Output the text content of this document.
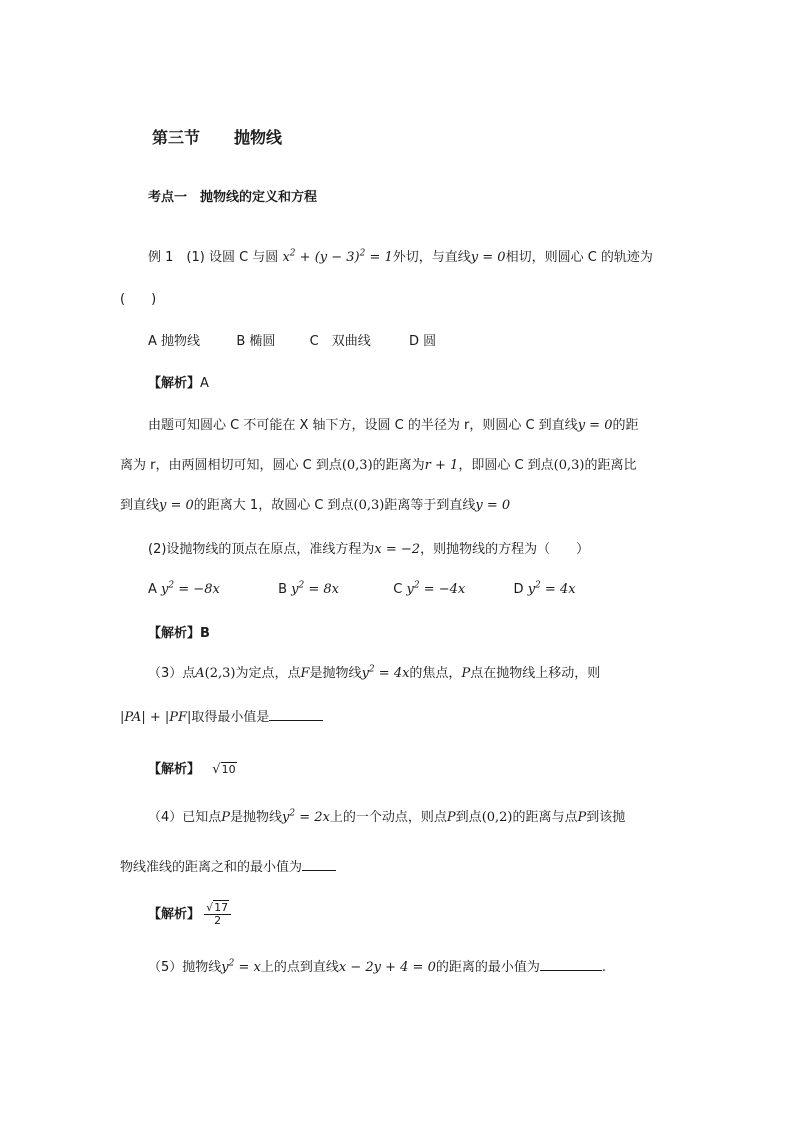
第三节 抛物线
考点一　抛物线的定义和方程
例 1　(1) 设圆 C 与圆 $x^2 + (y - 3)^2 = 1$外切，与直线y = 0相切，则圆心 C 的轨迹为
(　　)
A 抛物线	B 椭圆	C　双曲线	D 圆
【解析】A
由题可知圆心 C 不可能在 X 轴下方，设圆 C 的半径为 r，则圆心 C 到直线y = 0的距
离为 r，由两圆相切可知，圆心 C 到点(0,3)的距离为r + 1，即圆心 C 到点(0,3)的距离比
到直线y = 0的距离大 1，故圆心 C 到点(0,3)距离等于到直线y = 0
(2)设抛物线的顶点在原点，准线方程为x = −2，则抛物线的方程为（　　）
A $y^2 = -8x$	B $y^2 = 8x$	C $y^2 = -4x$	D $y^2 = 4x$
【解析】B
（3）点A(2,3)为定点，点F是抛物线$y^2 = 4x$的焦点，P点在抛物线上移动，则
|PA| + |PF|取得最小值是
【解析】 √10
（4）已知点P是抛物线$y^2 = 2x$上的一个动点，则点P到点(0,2)的距离与点P到该抛
物线准线的距离之和的最小值为
【解析】 $\frac{√17}{2}$
（5）抛物线$y^2 = x$上的点到直线x − 2y + 4 = 0的距离的最小值为	.
